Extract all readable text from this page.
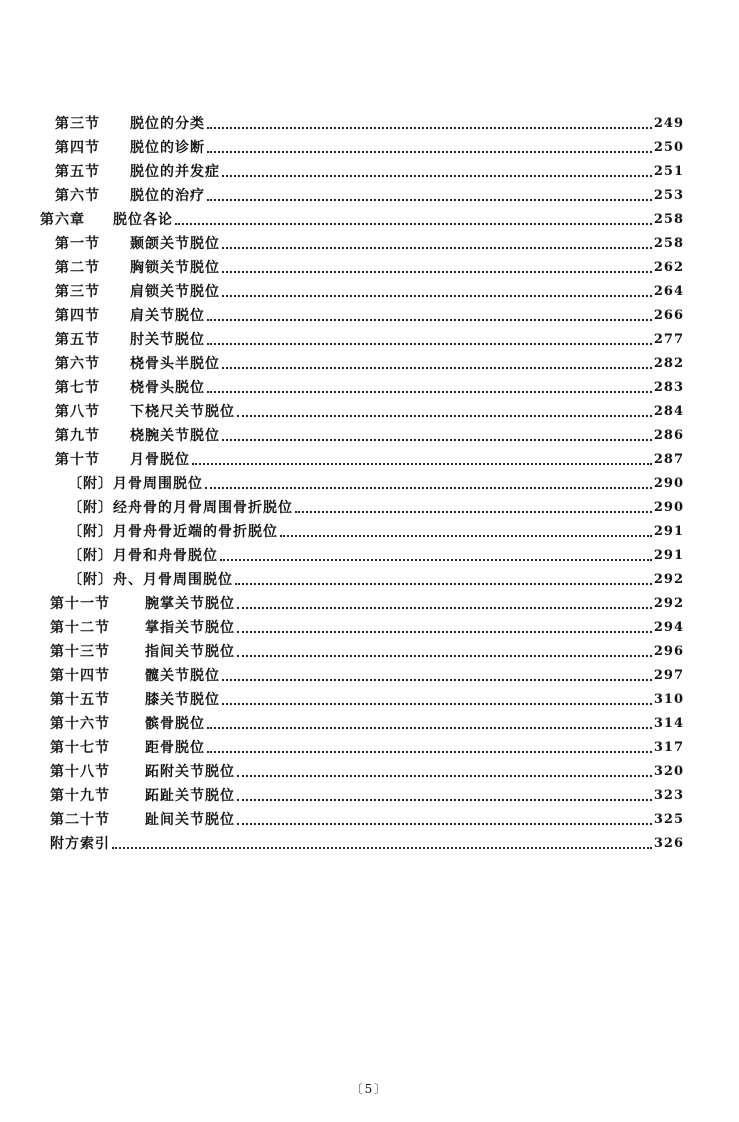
第三节 脱位的分类	249
第四节 脱位的诊断	250
第五节 脱位的并发症	251
第六节 脱位的治疗	253
第六章 脱位各论	258
第一节 颞颌关节脱位	258
第二节 胸锁关节脱位	262
第三节 肩锁关节脱位	264
第四节 肩关节脱位	266
第五节 肘关节脱位	277
第六节 桡骨头半脱位	282
第七节 桡骨头脱位	283
第八节 下桡尺关节脱位	284
第九节 桡腕关节脱位	286
第十节 月骨脱位	287
〔附〕 月骨周围脱位	290
〔附〕 经舟骨的月骨周围骨折脱位	290
〔附〕 月骨舟骨近端的骨折脱位	291
〔附〕 月骨和舟骨脱位	291
〔附〕 舟、月骨周围脱位	292
第十一节	腕掌关节脱位	292
第十二节	掌指关节脱位	294
第十三节	指间关节脱位	296
第十四节	髋关节脱位	297
第十五节	膝关节脱位	310
第十六节	髌骨脱位	314
第十七节	距骨脱位	317
第十八节	跖附关节脱位	320
第十九节	跖趾关节脱位	323
第二十节	趾间关节脱位	325
附方索引	326
〔5〕
